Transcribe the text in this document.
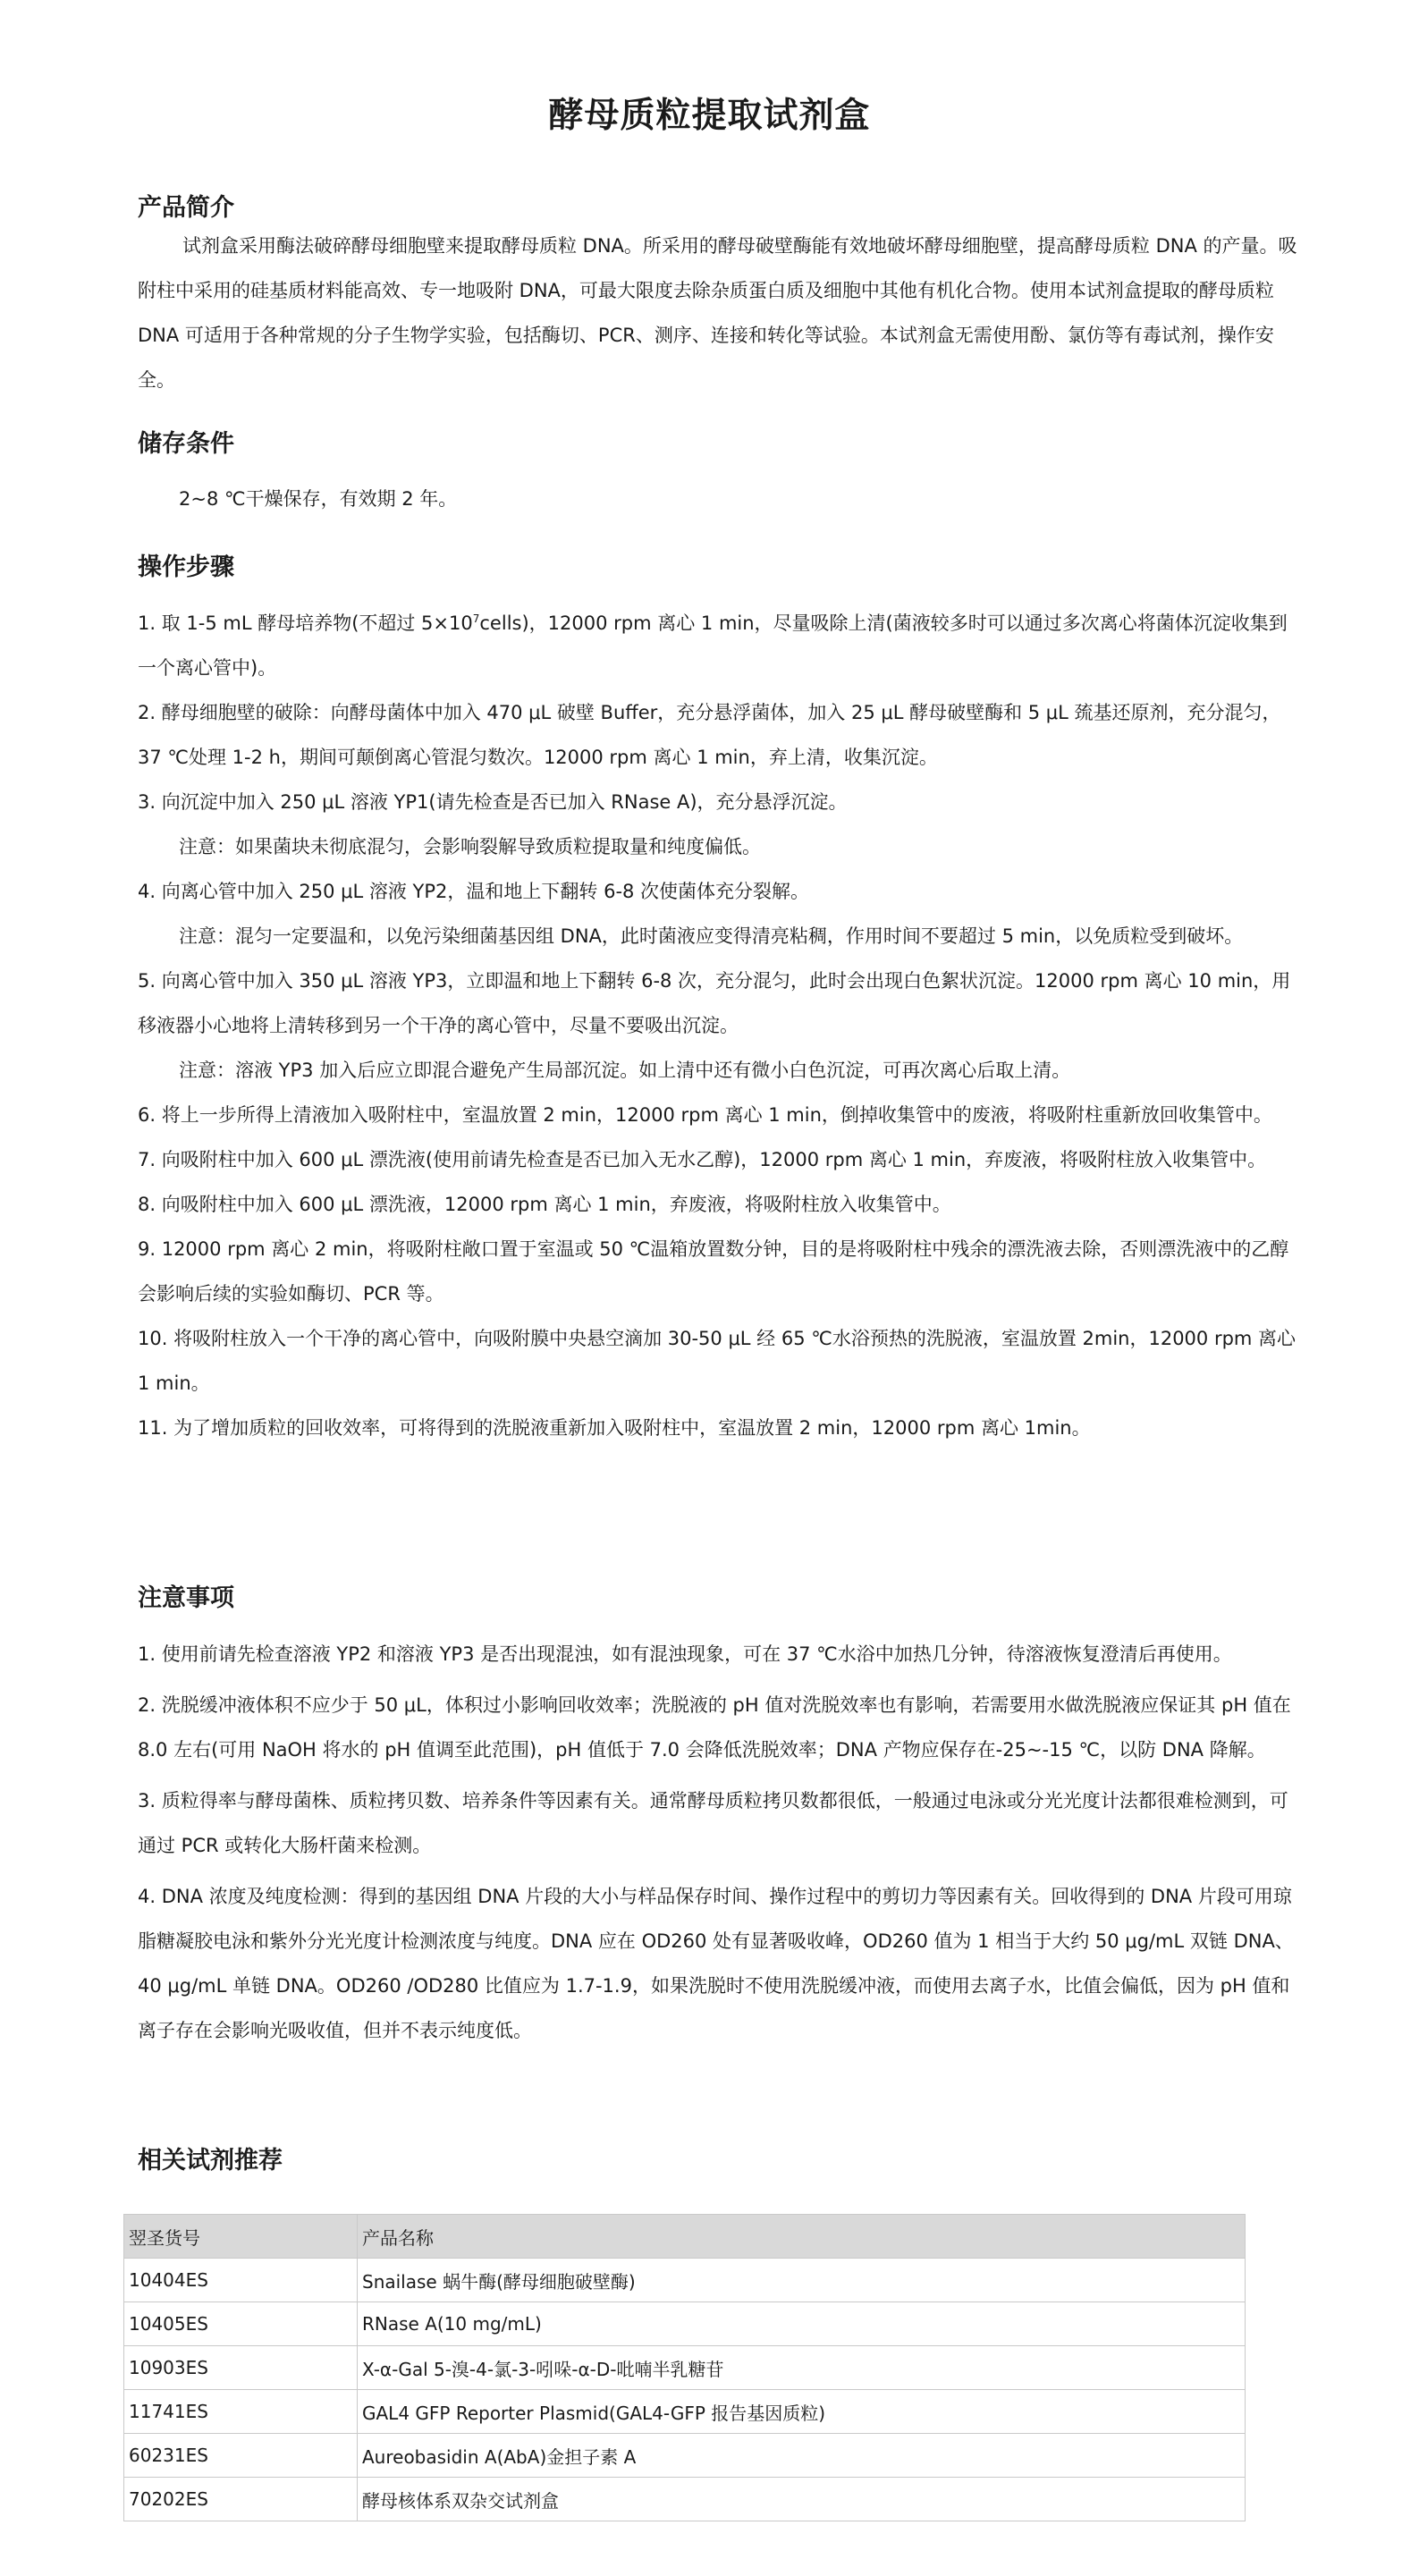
酵母质粒提取试剂盒
产品简介

试剂盒采用酶法破碎酵母细胞壁来提取酵母质粒 DNA。所采用的酵母破壁酶能有效地破坏酵母细胞壁，提高酵母质粒 DNA 的产量。吸附柱中采用的硅基质材料能高效、专一地吸附 DNA，可最大限度去除杂质蛋白质及细胞中其他有机化合物。使用本试剂盒提取的酵母质粒 DNA 可适用于各种常规的分子生物学实验，包括酶切、PCR、测序、连接和转化等试验。本试剂盒无需使用酚、氯仿等有毒试剂，操作安全。

储存条件

2~8 ℃干燥保存，有效期 2 年。

操作步骤

1. 取 1-5 mL 酵母培养物(不超过 $5\times 10^7cells$)，12000 rpm 离心 1 min，尽量吸除上清(菌液较多时可以通过多次离心将菌体沉淀收集到一个离心管中)。

2. 酵母细胞壁的破除：向酵母菌体中加入 470 μL 破壁 Buffer，充分悬浮菌体，加入 25 μL 酵母破壁酶和 5 μL 巯基还原剂，充分混匀，37 ℃处理 1-2 h，期间可颠倒离心管混匀数次。12000 rpm 离心 1 min，弃上清，收集沉淀。

3. 向沉淀中加入 250 μL 溶液 YP1(请先检查是否已加入 RNase A)，充分悬浮沉淀。

注意：如果菌块未彻底混匀，会影响裂解导致质粒提取量和纯度偏低。

4. 向离心管中加入 250 μL 溶液 YP2，温和地上下翻转 6-8 次使菌体充分裂解。

注意：混匀一定要温和，以免污染细菌基因组 DNA，此时菌液应变得清亮粘稠，作用时间不要超过 5 min，以免质粒受到破坏。

5. 向离心管中加入 350 μL 溶液 YP3，立即温和地上下翻转 6-8 次，充分混匀，此时会出现白色絮状沉淀。12000 rpm 离心 10 min，用移液器小心地将上清转移到另一个干净的离心管中，尽量不要吸出沉淀。

注意：溶液 YP3 加入后应立即混合避免产生局部沉淀。如上清中还有微小白色沉淀，可再次离心后取上清。

6. 将上一步所得上清液加入吸附柱中，室温放置 2 min，12000 rpm 离心 1 min，倒掉收集管中的废液，将吸附柱重新放回收集管中。

7. 向吸附柱中加入 600 μL 漂洗液(使用前请先检查是否已加入无水乙醇)，12000 rpm 离心 1 min，弃废液，将吸附柱放入收集管中。

8. 向吸附柱中加入 600 μL 漂洗液，12000 rpm 离心 1 min，弃废液，将吸附柱放入收集管中。

9. 12000 rpm 离心 2 min，将吸附柱敞口置于室温或 50 ℃温箱放置数分钟，目的是将吸附柱中残余的漂洗液去除，否则漂洗液中的乙醇会影响后续的实验如酶切、PCR 等。

10. 将吸附柱放入一个干净的离心管中，向吸附膜中央悬空滴加 30-50 μL 经 65 ℃水浴预热的洗脱液，室温放置 2min，12000 rpm 离心 1 min。

11. 为了增加质粒的回收效率，可将得到的洗脱液重新加入吸附柱中，室温放置 2 min，12000 rpm 离心 1min。

注意事项

1. 使用前请先检查溶液 YP2 和溶液 YP3 是否出现混浊，如有混浊现象，可在 37 ℃水浴中加热几分钟，待溶液恢复澄清后再使用。

2. 洗脱缓冲液体积不应少于 50 μL，体积过小影响回收效率；洗脱液的 pH 值对洗脱效率也有影响，若需要用水做洗脱液应保证其 pH 值在 8.0 左右(可用 NaOH 将水的 pH 值调至此范围)，pH 值低于 7.0 会降低洗脱效率；DNA 产物应保存在-25~-15 ℃，以防 DNA 降解。

3. 质粒得率与酵母菌株、质粒拷贝数、培养条件等因素有关。通常酵母质粒拷贝数都很低，一般通过电泳或分光光度计法都很难检测到，可通过 PCR 或转化大肠杆菌来检测。

4. DNA 浓度及纯度检测：得到的基因组 DNA 片段的大小与样品保存时间、操作过程中的剪切力等因素有关。回收得到的 DNA 片段可用琼脂糖凝胶电泳和紫外分光光度计检测浓度与纯度。DNA 应在 OD260 处有显著吸收峰，OD260 值为 1 相当于大约 50 μg/mL 双链 DNA、40 μg/mL 单链 DNA。OD260 /OD280 比值应为 1.7-1.9，如果洗脱时不使用洗脱缓冲液，而使用去离子水，比值会偏低，因为 pH 值和离子存在会影响光吸收值，但并不表示纯度低。

相关试剂推荐
翌圣货号	产品名称
10404ES	Snailase 蜗牛酶(酵母细胞破壁酶)
10405ES	RNase A(10 mg/mL)
10903ES	X-α-Gal 5-溴-4-氯-3-吲哚-α-D-吡喃半乳糖苷
11741ES	GAL4 GFP Reporter Plasmid(GAL4-GFP 报告基因质粒)
60231ES	Aureobasidin A(AbA)金担子素 A
70202ES	酵母核体系双杂交试剂盒
